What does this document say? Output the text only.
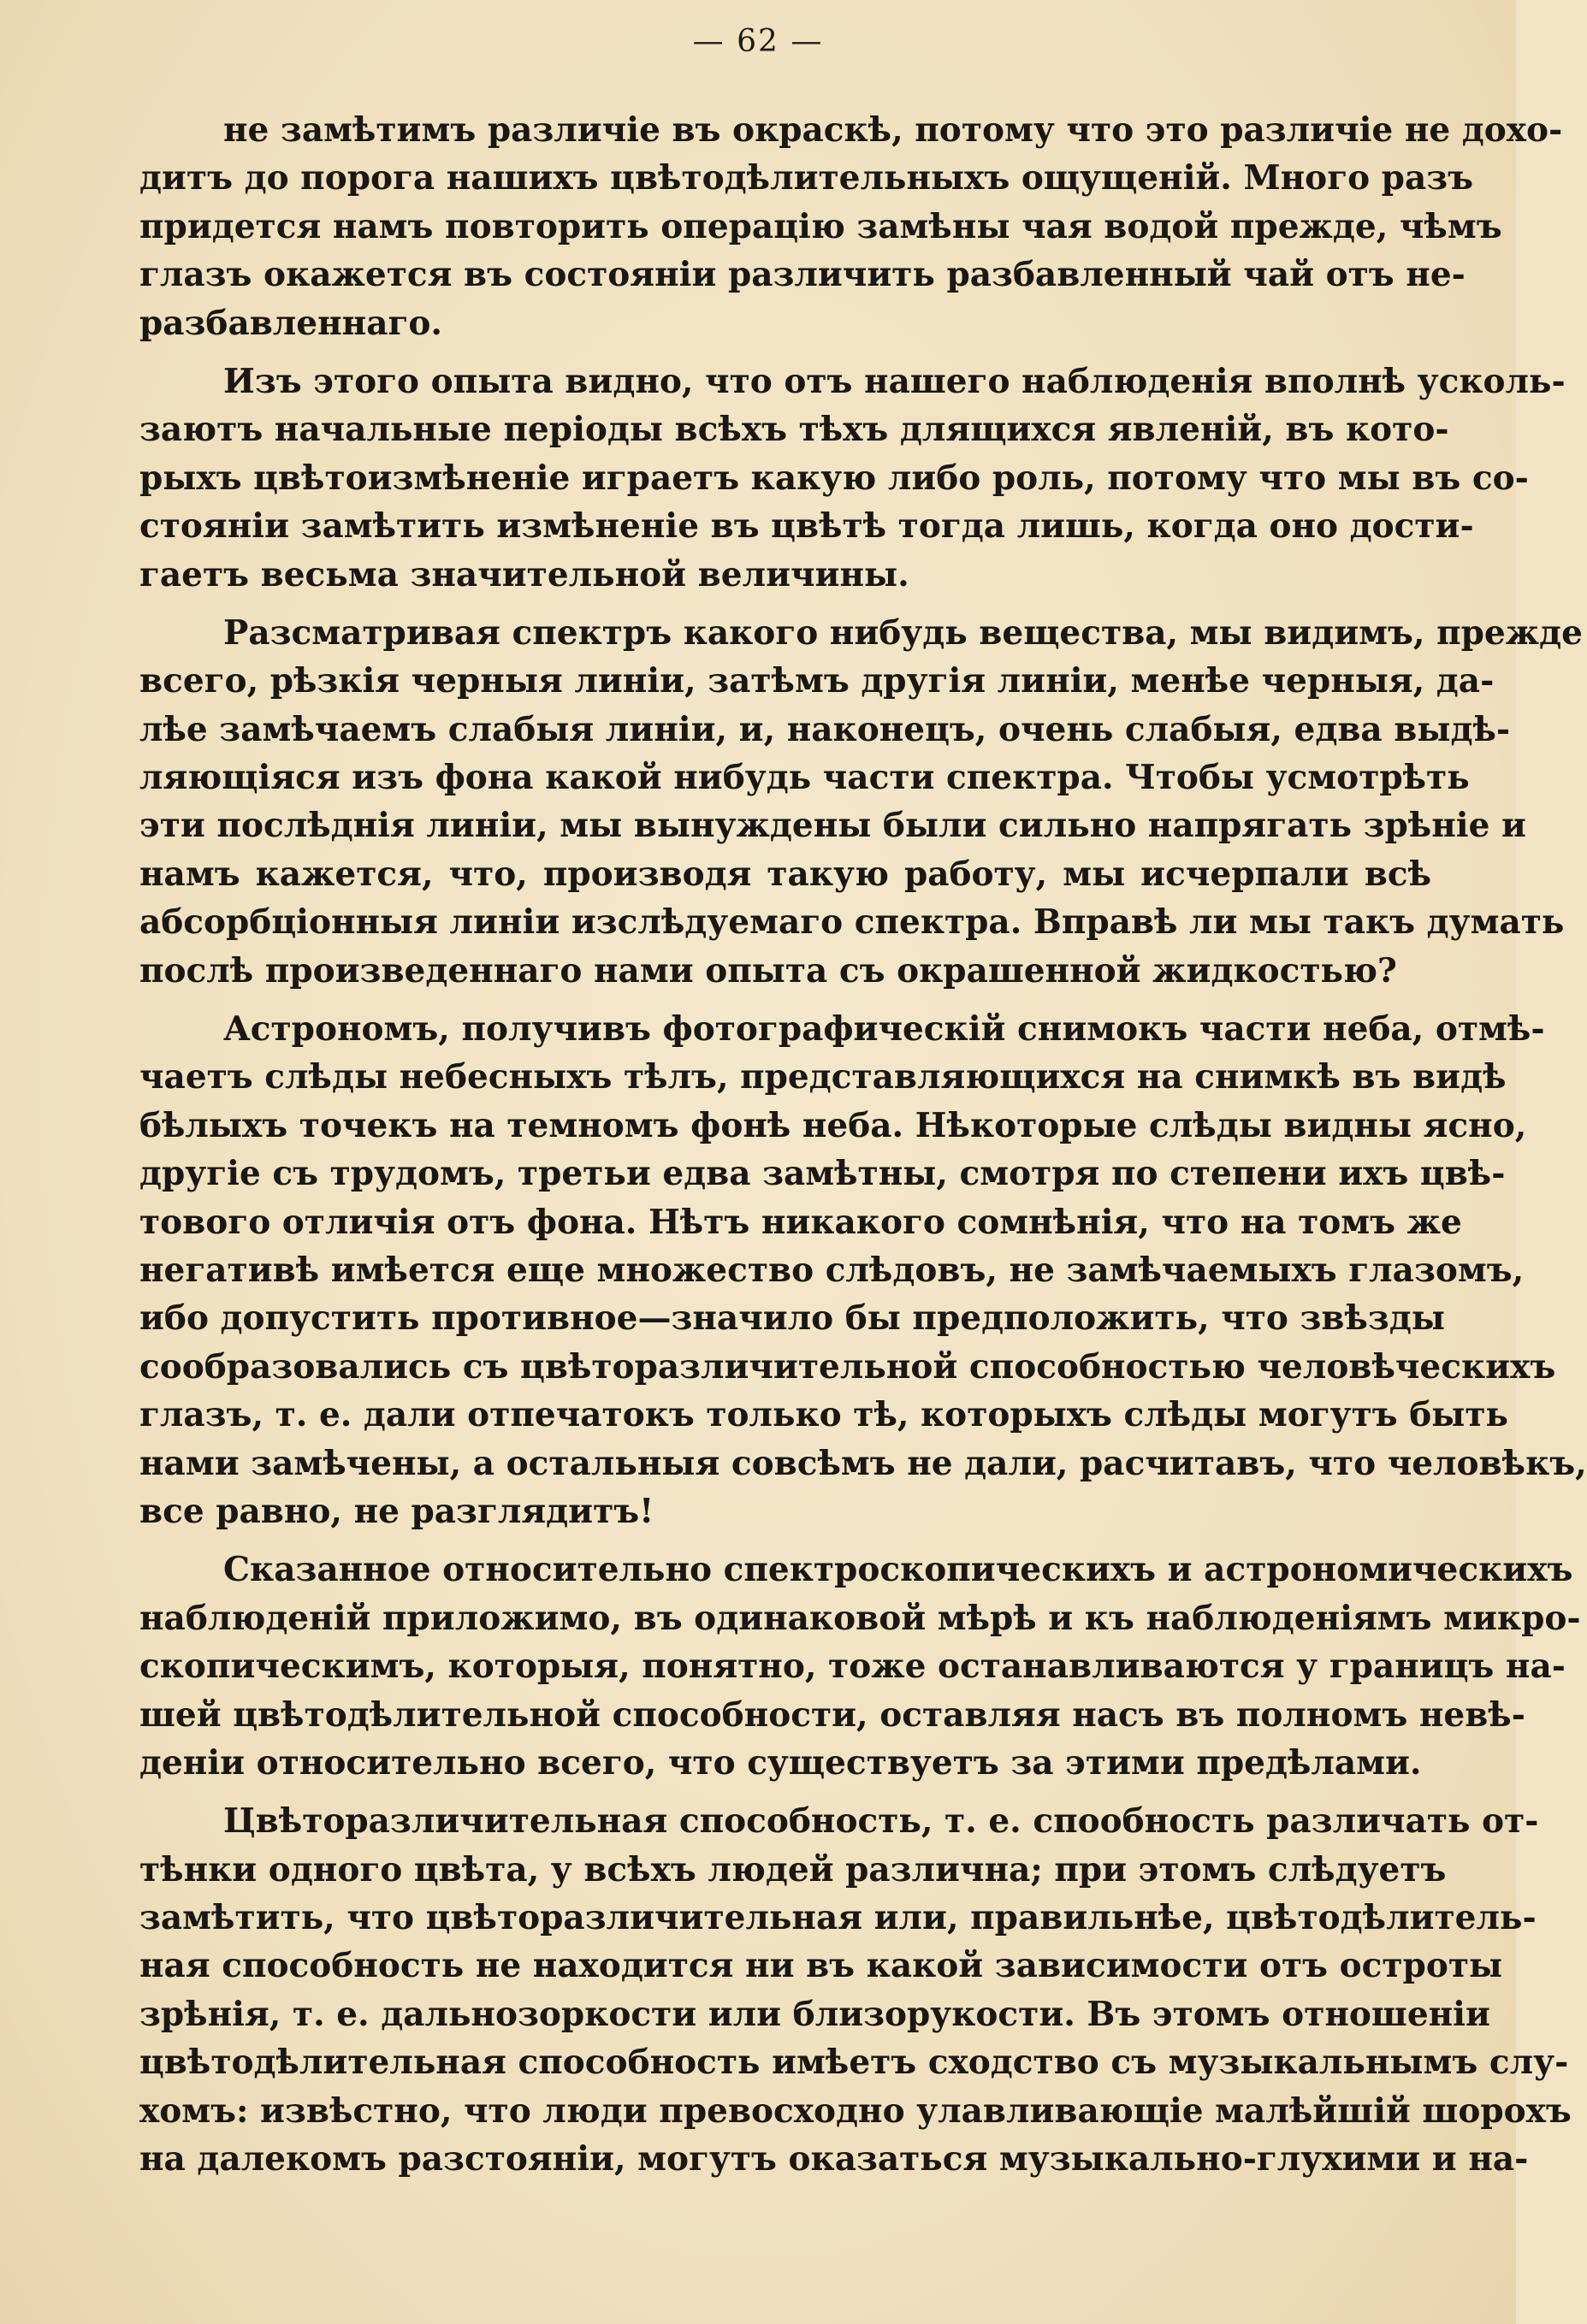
— 62 —
не замѣтимъ различіе въ окраскѣ, потому что это различіе не дохо-
дитъ до порога нашихъ цвѣтодѣлительныхъ ощущеній. Много разъ
придется намъ повторить операцію замѣны чая водой прежде, чѣмъ
глазъ окажется въ состояніи различить разбавленный чай отъ не-
разбавленнаго.
Изъ этого опыта видно, что отъ нашего наблюденія вполнѣ усколь-
заютъ начальные періоды всѣхъ тѣхъ длящихся явленій, въ кото-
рыхъ цвѣтоизмѣненіе играетъ какую либо роль, потому что мы въ со-
стояніи замѣтить измѣненіе въ цвѣтѣ тогда лишь, когда оно дости-
гаетъ весьма значительной величины.
Разсматривая спектръ какого нибудь вещества, мы видимъ, прежде
всего, рѣзкія черныя линіи, затѣмъ другія линіи, менѣе черныя, да-
лѣе замѣчаемъ слабыя линіи, и, наконецъ, очень слабыя, едва выдѣ-
ляющіяся изъ фона какой нибудь части спектра. Чтобы усмотрѣть
эти послѣднія линіи, мы вынуждены были сильно напрягать зрѣніе и
намъ кажется, что, производя такую работу, мы исчерпали всѣ
абсорбціонныя линіи изслѣдуемаго спектра. Вправѣ ли мы такъ думать
послѣ произведеннаго нами опыта съ окрашенной жидкостью?
Астрономъ, получивъ фотографическій снимокъ части неба, отмѣ-
чаетъ слѣды небесныхъ тѣлъ, представляющихся на снимкѣ въ видѣ
бѣлыхъ точекъ на темномъ фонѣ неба. Нѣкоторые слѣды видны ясно,
другіе съ трудомъ, третьи едва замѣтны, смотря по степени ихъ цвѣ-
тового отличія отъ фона. Нѣтъ никакого сомнѣнія, что на томъ же
негативѣ имѣется еще множество слѣдовъ, не замѣчаемыхъ глазомъ,
ибо допустить противное—значило бы предположить, что звѣзды
сообразовались съ цвѣторазличительной способностью человѣческихъ
глазъ, т. е. дали отпечатокъ только тѣ, которыхъ слѣды могутъ быть
нами замѣчены, а остальныя совсѣмъ не дали, расчитавъ, что человѣкъ,
все равно, не разглядитъ!
Сказанное относительно спектроскопическихъ и астрономическихъ
наблюденій приложимо, въ одинаковой мѣрѣ и къ наблюденіямъ микро-
скопическимъ, которыя, понятно, тоже останавливаются у границъ на-
шей цвѣтодѣлительной способности, оставляя насъ въ полномъ невѣ-
деніи относительно всего, что существуетъ за этими предѣлами.
Цвѣторазличительная способность, т. е. спообность различать от-
тѣнки одного цвѣта, у всѣхъ людей различна; при этомъ слѣдуетъ
замѣтить, что цвѣторазличительная или, правильнѣе, цвѣтодѣлитель-
ная способность не находится ни въ какой зависимости отъ остроты
зрѣнія, т. е. дальнозоркости или близорукости. Въ этомъ отношеніи
цвѣтодѣлительная способность имѣетъ сходство съ музыкальнымъ слу-
хомъ: извѣстно, что люди превосходно улавливающіе малѣйшій шорохъ
на далекомъ разстояніи, могутъ оказаться музыкально-глухими и на-
